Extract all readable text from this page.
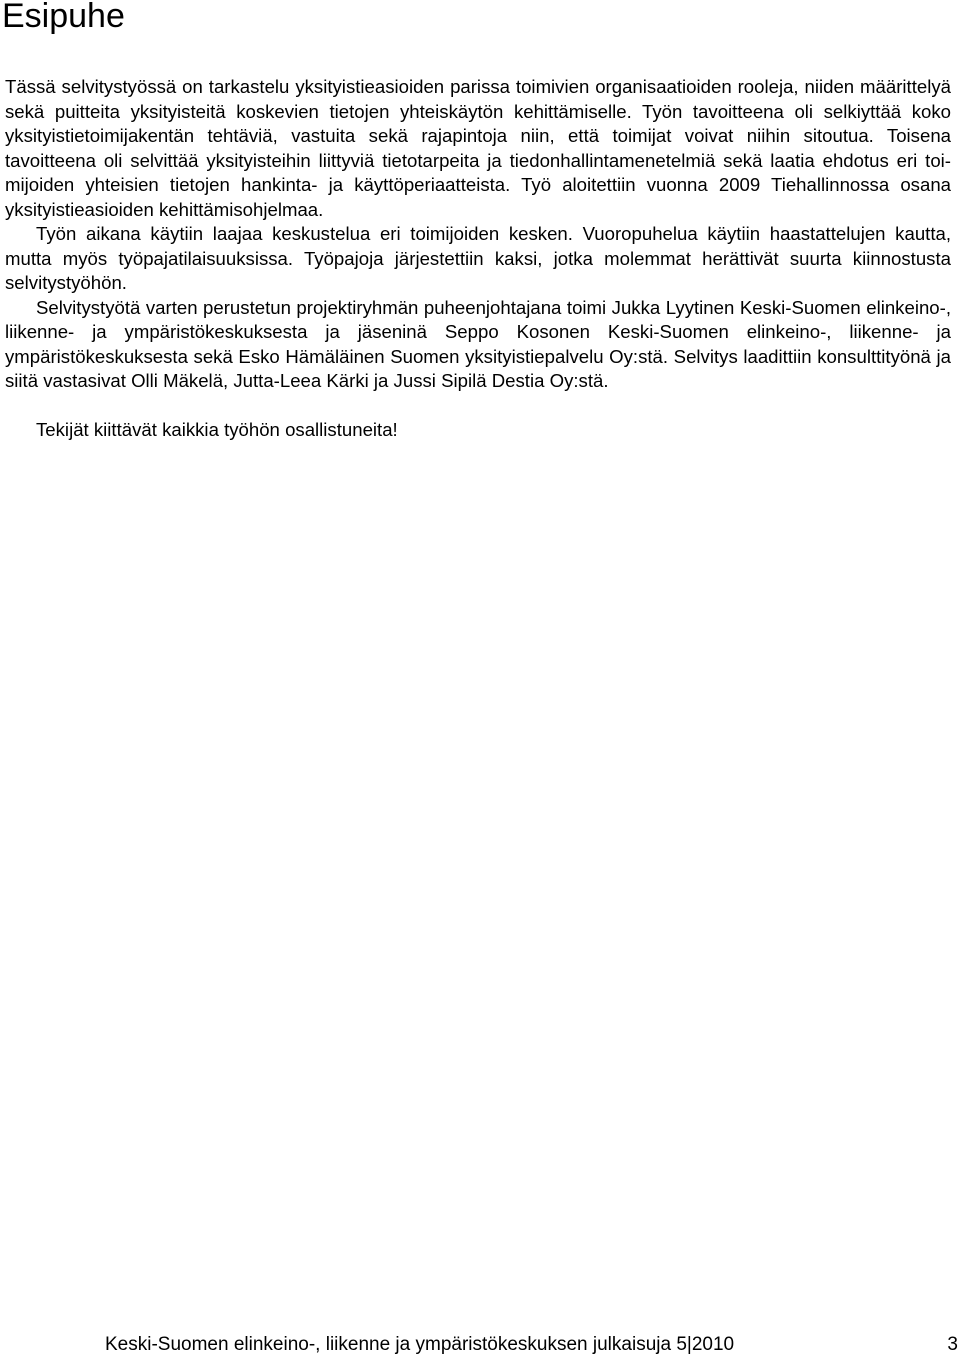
Esipuhe

Tässä selvitystyössä on tarkastelu yksityistieasioiden parissa toimivien organisaatioiden rooleja, niiden määrittelyä sekä puitteita yksityisteitä koskevien tietojen yhteiskäytön kehittämiselle. Työn tavoitteena oli selkiyttää koko yksityistietoimijakentän tehtäviä, vastuita sekä rajapintoja niin, että toimijat voivat niihin sitoutua. Toisena tavoitteena oli selvittää yksityisteihin liittyviä tietotarpeita ja tiedonhallintamenetelmiä sekä laatia ehdotus eri toimijoiden yhteisien tietojen hankinta- ja käyttöperiaatteista. Työ aloitettiin vuonna 2009 Tiehallinnossa osana yksityistieasioiden kehittämisohjelmaa.

Työn aikana käytiin laajaa keskustelua eri toimijoiden kesken. Vuoropuhelua käytiin haastattelujen kautta, mutta myös työpajatilaisuuksissa. Työpajoja järjestettiin kaksi, jotka molemmat herättivät suurta kiinnostusta selvitystyöhön.

Selvitystyötä varten perustetun projektiryhmän puheenjohtajana toimi Jukka Lyytinen Keski-Suomen elinkeino-, liikenne- ja ympäristökeskuksesta ja jäseninä Seppo Kosonen Keski-Suomen elinkeino-, liikenne- ja ympäristökeskuksesta sekä Esko Hämäläinen Suomen yksityistiepalvelu Oy:stä. Selvitys laadittiin konsulttityönä ja siitä vastasivat Olli Mäkelä, Jutta-Leea Kärki ja Jussi Sipilä Destia Oy:stä.

Tekijät kiittävät kaikkia työhön osallistuneita!

Keski-Suomen elinkeino-, liikenne ja ympäristökeskuksen julkaisuja 5|2010	3
